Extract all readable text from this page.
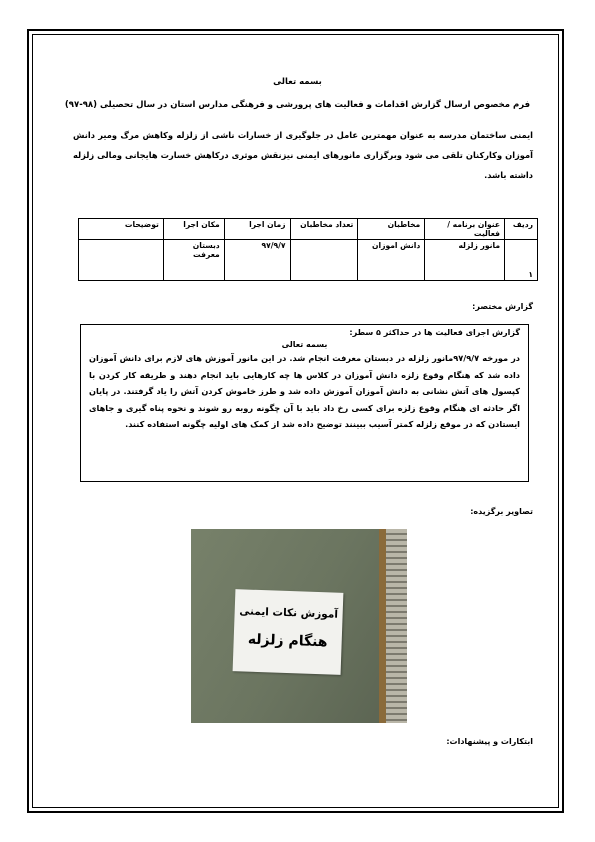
بسمه تعالی
فرم مخصوص ارسال گزارش اقدامات و فعالیت های پرورشی و فرهنگی مدارس استان در سال تحصیلی (۹۸-۹۷)
ایمنی ساختمان مدرسه به عنوان مهمترین عامل در جلوگیری از خسارات ناشی از زلزله وکاهش مرگ ومیر دانش آموزان وکارکنان تلقی می شود وبرگزاری مانورهای ایمنی نیزنقش موثری درکاهش خسارت هایجانی ومالی زلزله داشته باشد.
ردیف	عنوان برنامه / فعالیت	مخاطبان	تعداد مخاطبان	زمان اجرا	مکان اجرا	توضیحات
۱	مانور زلزله	دانش اموزان		۹۷/۹/۷	دبستان معرفت	
گزارش مختصر:
گزارش اجرای فعالیت ها در حداکثر ۵ سطر:
بسمه تعالی
در مورخه ۹۷/۹/۷مانور زلزله در دبستان معرفت انجام شد. در این مانور آموزش های لازم برای دانش آموزان داده شد که هنگام وقوع زلزه دانش آموزان در کلاس ها چه کارهایی باید انجام دهند و طریقه کار کردن با کپسول های آتش نشانی به دانش آموزان آموزش داده شد و طرز خاموش کردن آتش را یاد گرفتند. در پایان اگر حادثه ای هنگام وقوع زلزه برای کسی رخ داد باید با آن چگونه روبه رو شوند و نحوه پناه گیری و جاهای ایستادن که در موقع زلزله کمتر آسیب ببینند توضیح داده شد از کمک های اولیه چگونه استفاده کنند.
تصاویر برگزیده:
آموزش نکات ایمنی
هنگام زلزله
ابتکارات و پیشنهادات:
